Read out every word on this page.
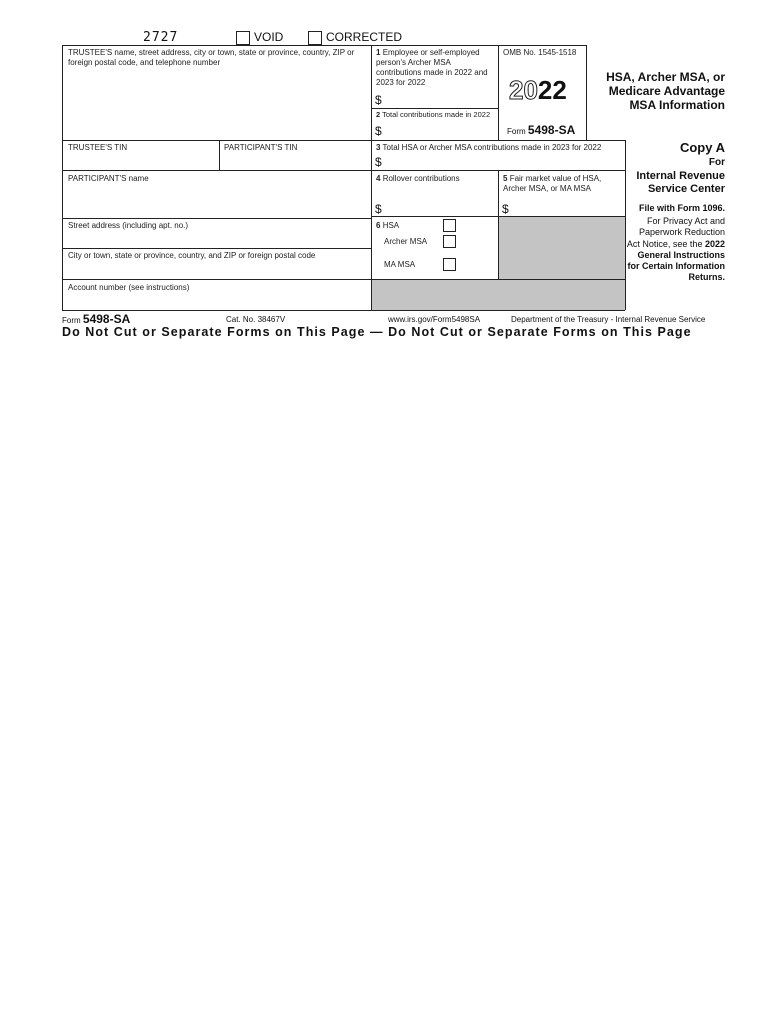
2727	VOID	CORRECTED
TRUSTEE'S name, street address, city or town, state or province, country, ZIP or foreign postal code, and telephone number
1 Employee or self-employed person's Archer MSA contributions made in 2022 and 2023 for 2022
$
2 Total contributions made in 2022
$
OMB No. 1545-1518
2022
Form 5498-SA
HSA, Archer MSA, or Medicare Advantage MSA Information
TRUSTEE'S TIN	PARTICIPANT'S TIN	3 Total HSA or Archer MSA contributions made in 2023 for 2022
$
PARTICIPANT'S name	4 Rollover contributions
$
5 Fair market value of HSA, Archer MSA, or MA MSA
$
Street address (including apt. no.)	6 HSA
Archer MSA
MA MSA
City or town, state or province, country, and ZIP or foreign postal code
Account number (see instructions)
Copy A
For
Internal Revenue Service Center
File with Form 1096.
For Privacy Act and Paperwork Reduction Act Notice, see the 2022 General Instructions for Certain Information Returns.
Form 5498-SA	Cat. No. 38467V	www.irs.gov/Form5498SA	Department of the Treasury - Internal Revenue Service
Do Not Cut or Separate Forms on This Page — Do Not Cut or Separate Forms on This Page
